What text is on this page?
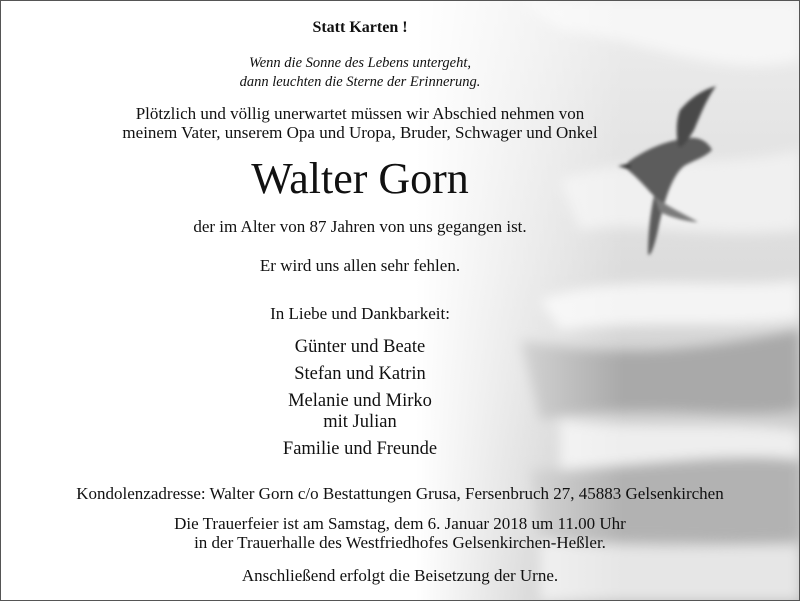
Statt Karten !
Wenn die Sonne des Lebens untergeht,
dann leuchten die Sterne der Erinnerung.
Plötzlich und völlig unerwartet müssen wir Abschied nehmen von
meinem Vater, unserem Opa und Uropa, Bruder, Schwager und Onkel
Walter Gorn
der im Alter von 87 Jahren von uns gegangen ist.
Er wird uns allen sehr fehlen.
In Liebe und Dankbarkeit:
Günter und Beate
Stefan und Katrin
Melanie und Mirko
mit Julian
Familie und Freunde
Kondolenzadresse: Walter Gorn c/o Bestattungen Grusa, Fersenbruch 27, 45883 Gelsenkirchen
Die Trauerfeier ist am Samstag, dem 6. Januar 2018 um 11.00 Uhr
in der Trauerhalle des Westfriedhofes Gelsenkirchen-Heßler.
Anschließend erfolgt die Beisetzung der Urne.
